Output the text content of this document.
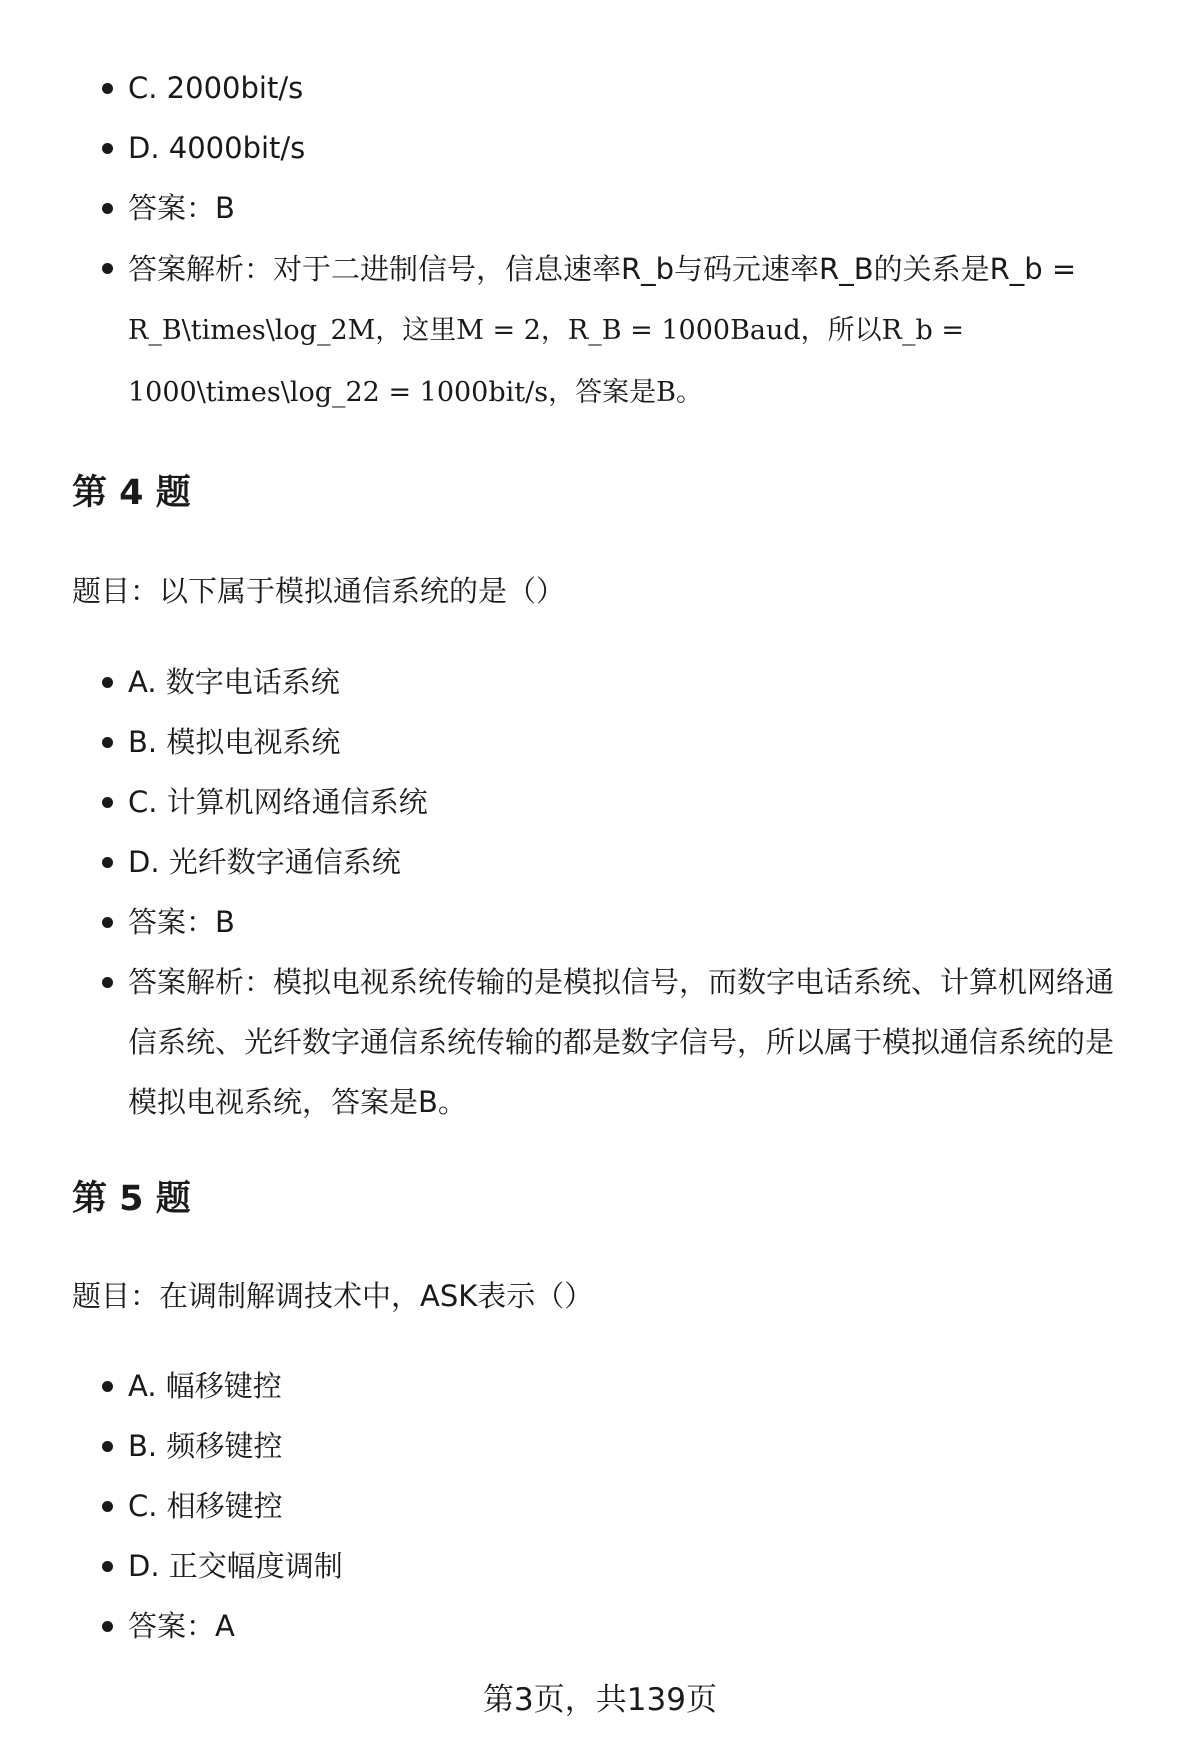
C. 2000bit/s
D. 4000bit/s
答案：B
答案解析：对于二进制信号，信息速率R_b与码元速率R_B的关系是R_b =
R_B\times\log_2M，这里M = 2，R_B = 1000Baud，所以R_b =
1000\times\log_22 = 1000bit/s，答案是B。
第 4 题

题目：以下属于模拟通信系统的是（）

A. 数字电话系统
B. 模拟电视系统
C. 计算机网络通信系统
D. 光纤数字通信系统
答案：B
答案解析：模拟电视系统传输的是模拟信号，而数字电话系统、计算机网络通信系统、光纤数字通信系统传输的都是数字信号，所以属于模拟通信系统的是模拟电视系统，答案是B。
第 5 题

题目：在调制解调技术中，ASK表示（）

A. 幅移键控
B. 频移键控
C. 相移键控
D. 正交幅度调制
答案：A
第3页，共139页
